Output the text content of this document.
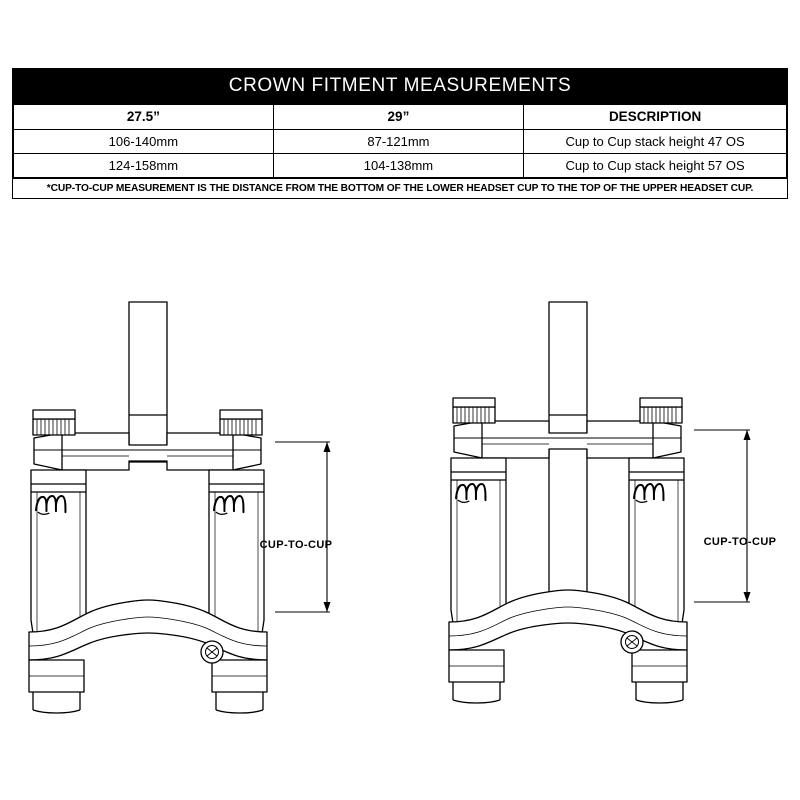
CROWN FITMENT MEASUREMENTS
27.5”	29”	DESCRIPTION
106-140mm	87-121mm	Cup to Cup stack height 47 OS
124-158mm	104-138mm	Cup to Cup stack height 57 OS
*CUP-TO-CUP MEASUREMENT IS THE DISTANCE FROM THE BOTTOM OF THE LOWER HEADSET CUP TO THE TOP OF THE UPPER HEADSET CUP.
CUP-TO-CUP	CUP-TO-CUP
